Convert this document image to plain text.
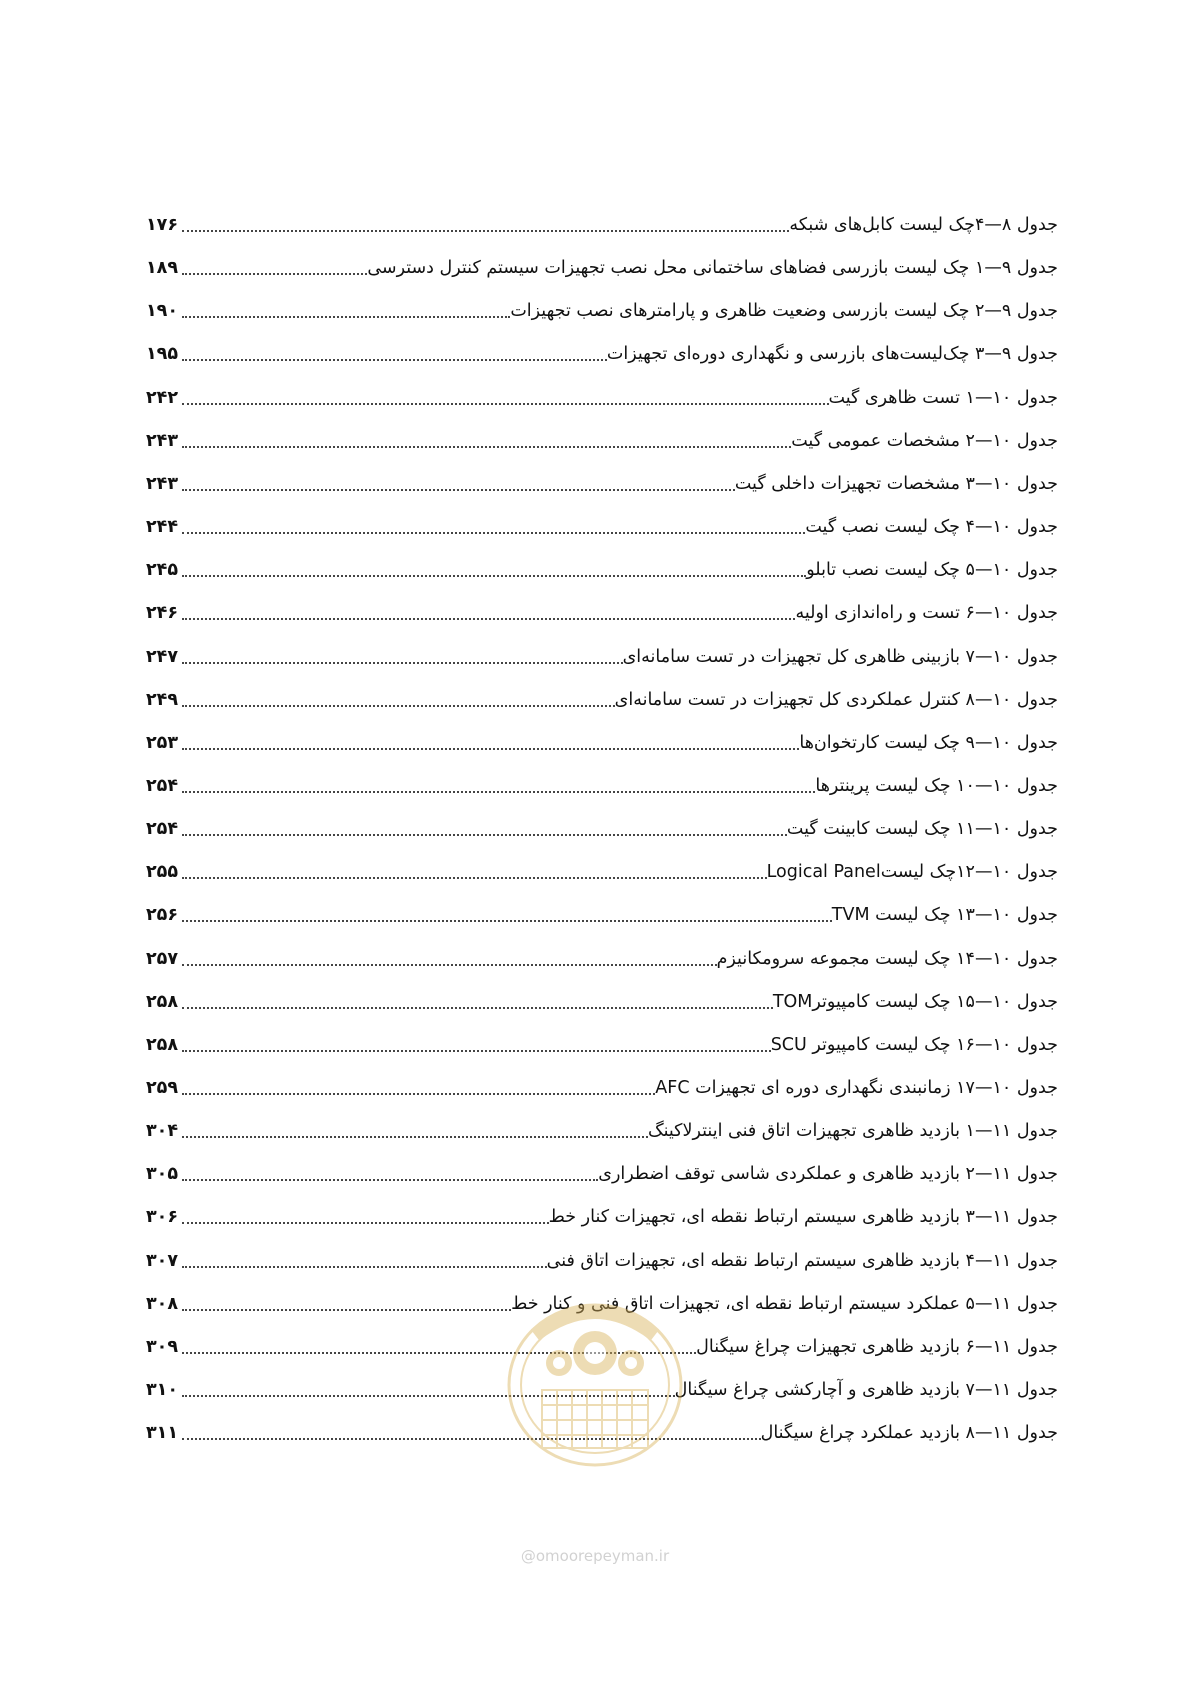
جدول ۸—۴چک لیست کابل‌های شبکه
۱۷۶
جدول ۹—۱ چک لیست بازرسی فضاهای ساختمانی محل نصب تجهیزات سیستم کنترل دسترسی
۱۸۹
جدول ۹—۲ چک لیست بازرسی وضعیت ظاهری و پارامترهای نصب تجهیزات
۱۹۰
جدول ۹—۳ چک‌لیست‌های بازرسی و نگهداری دوره‌ای تجهیزات
۱۹۵
جدول ۱۰—۱ تست ظاهری گیت
۲۴۲
جدول ۱۰—۲ مشخصات عمومی گیت
۲۴۳
جدول ۱۰—۳ مشخصات تجهیزات داخلی گیت
۲۴۳
جدول ۱۰—۴ چک لیست نصب گیت
۲۴۴
جدول ۱۰—۵ چک لیست نصب تابلو
۲۴۵
جدول ۱۰—۶ تست و راه‌اندازی اولیه
۲۴۶
جدول ۱۰—۷ بازبینی ظاهری کل تجهیزات در تست سامانه‌ای
۲۴۷
جدول ۱۰—۸ کنترل عملکردی کل تجهیزات در تست سامانه‌ای
۲۴۹
جدول ۱۰—۹ چک لیست کارتخوان‌ها
۲۵۳
جدول ۱۰—۱۰ چک لیست پرینترها
۲۵۴
جدول ۱۰—۱۱ چک لیست کابینت گیت
۲۵۴
جدول ۱۰—۱۲چک لیستLogical Panel
۲۵۵
جدول ۱۰—۱۳ چک لیست TVM
۲۵۶
جدول ۱۰—۱۴ چک لیست مجموعه سرومکانیزم
۲۵۷
جدول ۱۰—۱۵ چک لیست کامپیوترTOM
۲۵۸
جدول ۱۰—۱۶ چک لیست کامپیوتر SCU
۲۵۸
جدول ۱۰—۱۷ زمانبندی نگهداری دوره ای تجهیزات AFC
۲۵۹
جدول ۱۱—۱ بازدید ظاهری تجهیزات اتاق فنی اینترلاکینگ
۳۰۴
جدول ۱۱—۲ بازدید ظاهری و عملکردی شاسی توقف اضطراری
۳۰۵
جدول ۱۱—۳ بازدید ظاهری سیستم ارتباط نقطه ای، تجهیزات کنار خط
۳۰۶
جدول ۱۱—۴ بازدید ظاهری سیستم ارتباط نقطه ای، تجهیزات اتاق فنی
۳۰۷
جدول ۱۱—۵ عملکرد سیستم ارتباط نقطه ای، تجهیزات اتاق فنی و کنار خط
۳۰۸
جدول ۱۱—۶ بازدید ظاهری تجهیزات چراغ سیگنال
۳۰۹
جدول ۱۱—۷ بازدید ظاهری و آچارکشی چراغ سیگنال
۳۱۰
جدول ۱۱—۸ بازدید عملکرد چراغ سیگنال
۳۱۱
@omoorepeyman.ir
